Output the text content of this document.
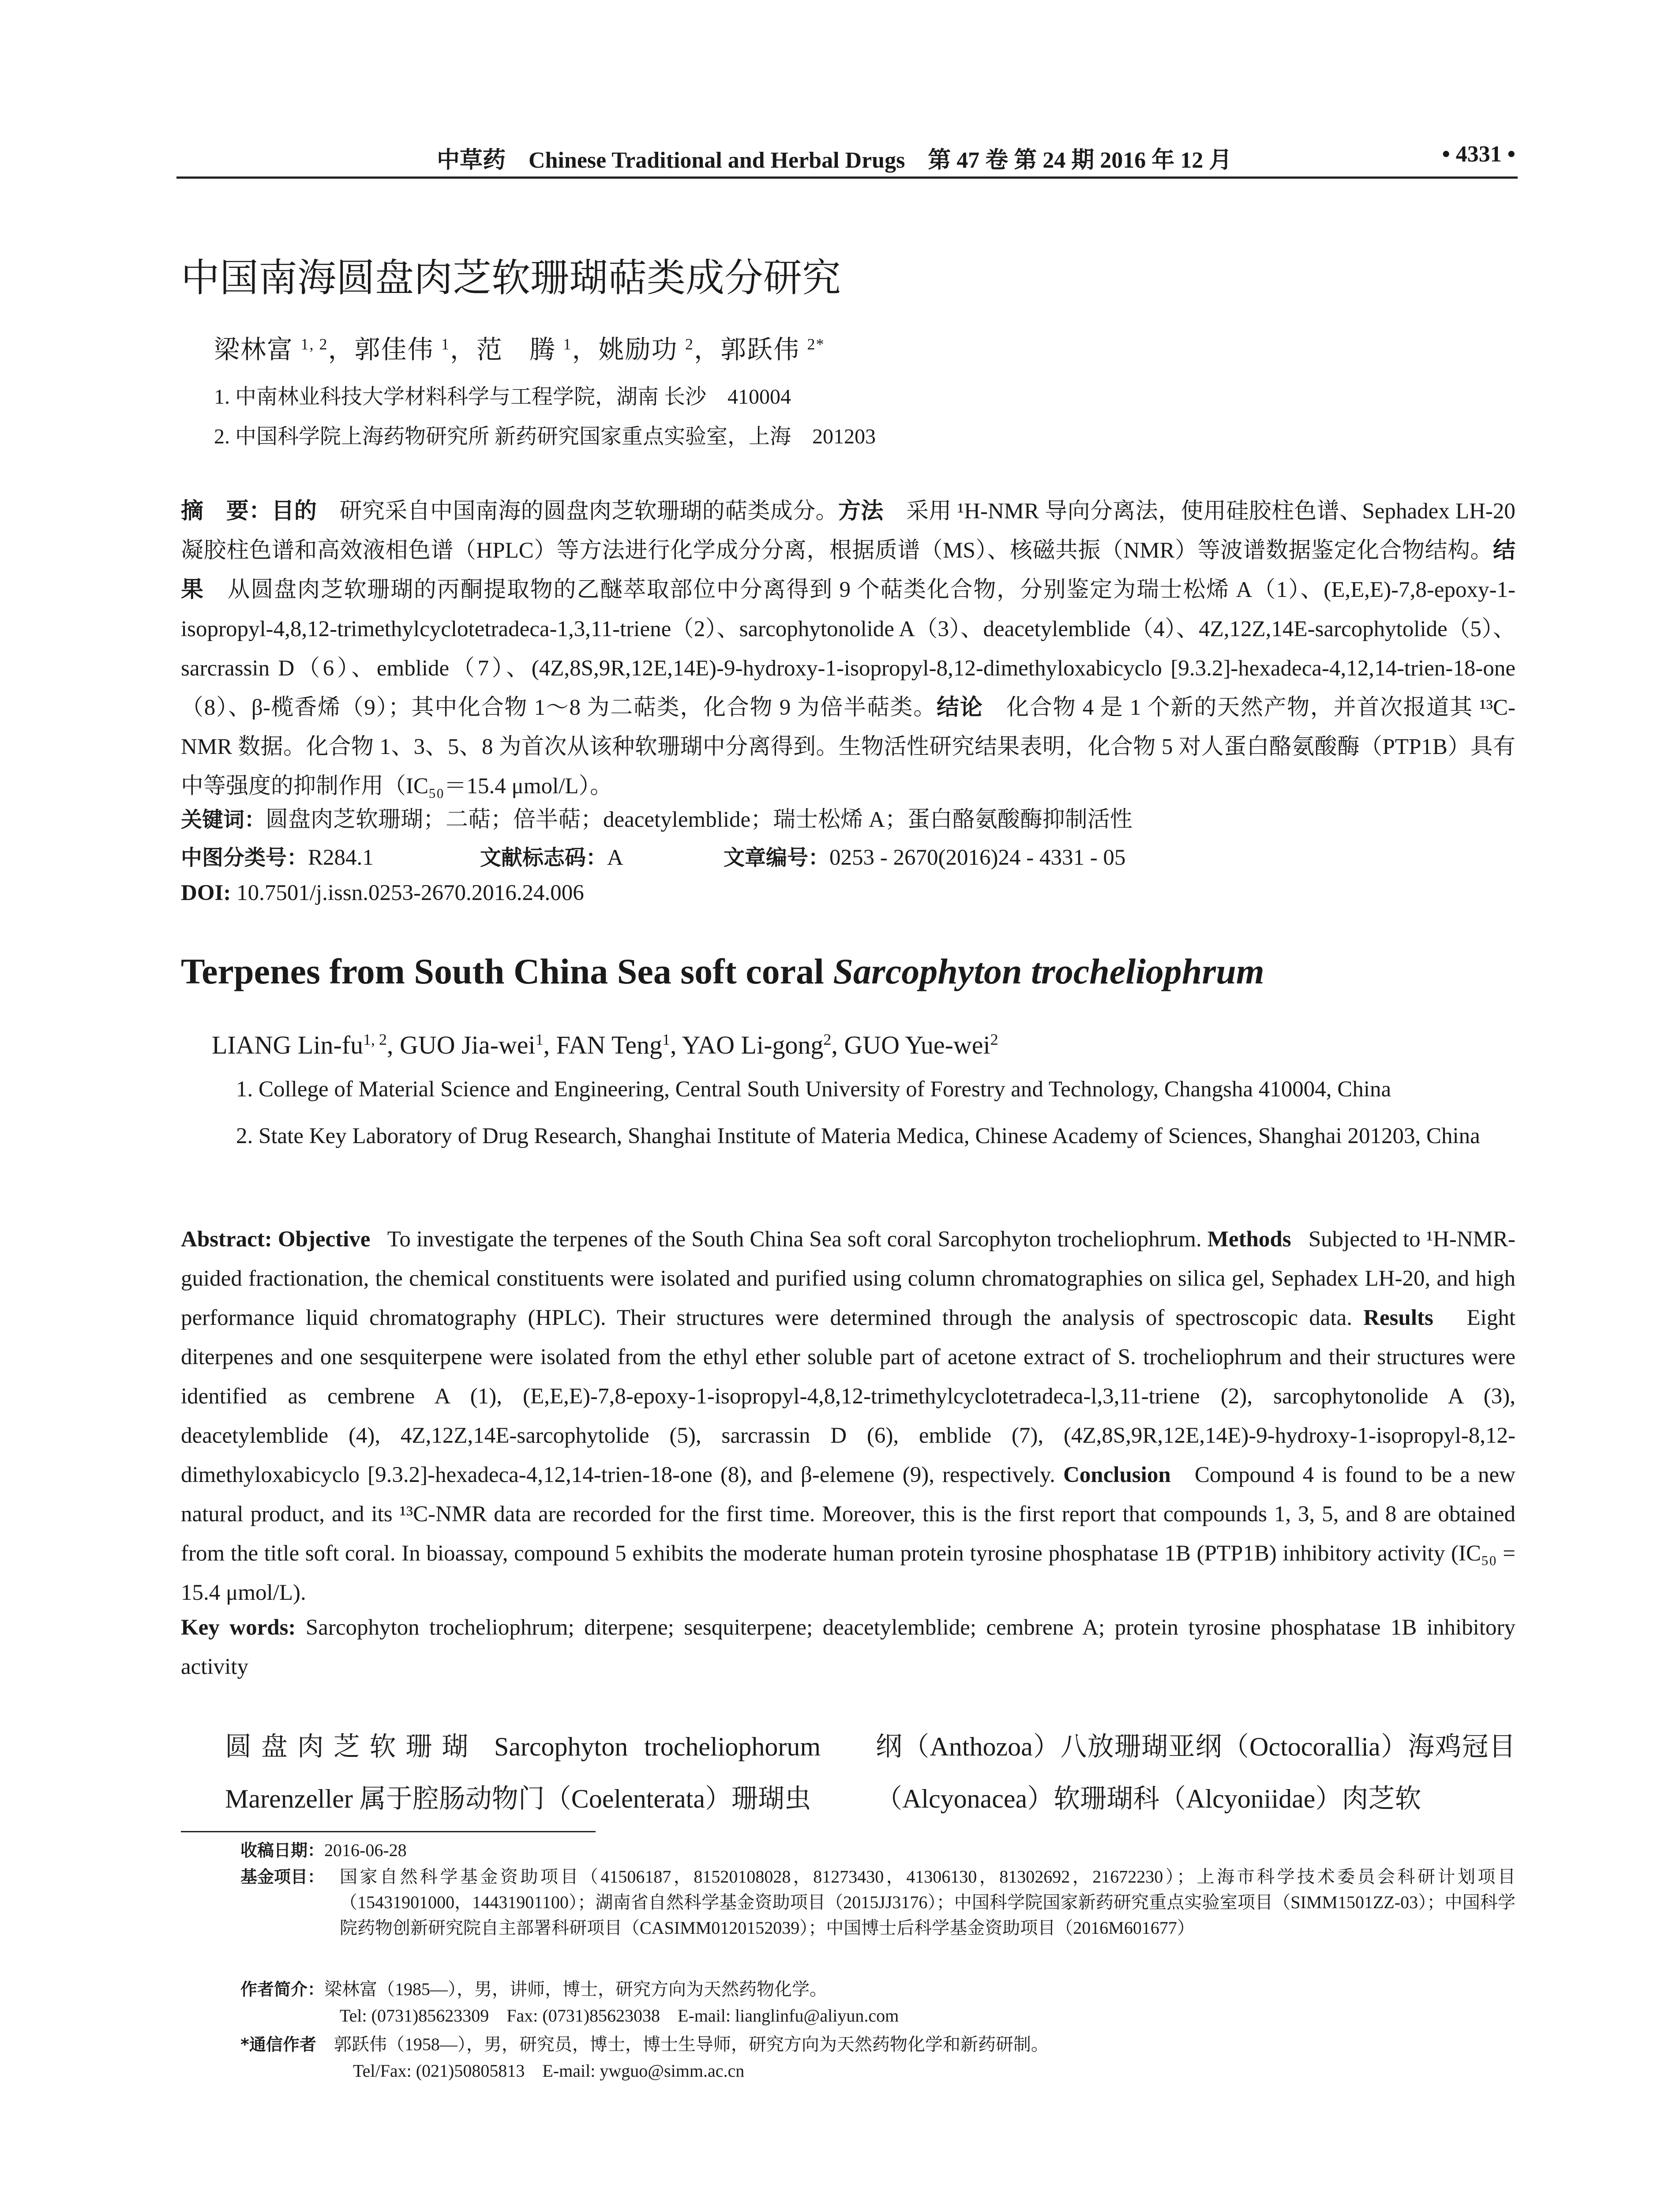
中草药　Chinese Traditional and Herbal Drugs　第 47 卷 第 24 期 2016 年 12 月	• 4331 •
中国南海圆盘肉芝软珊瑚萜类成分研究
梁林富 $^{1, 2}$，郭佳伟 $^1$，范　腾 $^1$，姚励功 $^2$，郭跃伟 $^{2*}$
1. 中南林业科技大学材料科学与工程学院，湖南 长沙　410004
2. 中国科学院上海药物研究所 新药研究国家重点实验室，上海　201203
摘　要：目的　 研究采自中国南海的圆盘肉芝软珊瑚的萜类成分。方法　 采用 ¹H-NMR 导向分离法，使用硅胶柱色谱、Sephadex LH-20 凝胶柱色谱和高效液相色谱（HPLC）等方法进行化学成分分离，根据质谱（MS）、核磁共振（NMR）等波谱数据鉴定化合物结构。结果　 从圆盘肉芝软珊瑚的丙酮提取物的乙醚萃取部位中分离得到 9 个萜类化合物，分别鉴定为瑞士松烯 A（1）、(E,E,E)-7,8-epoxy-1-isopropyl-4,8,12-trimethylcyclotetradeca-1,3,11-triene（2）、sarcophytonolide A（3）、deacetylemblide（4）、4Z,12Z,14E-sarcophytolide（5）、sarcrassin D（6）、emblide（7）、(4Z,8S,9R,12E,14E)-9-hydroxy-1-isopropyl-8,12-dimethyloxabicyclo [9.3.2]-hexadeca-4,12,14-trien-18-one（8）、β-榄香烯（9）；其中化合物 1～8 为二萜类，化合物 9 为倍半萜类。结论　 化合物 4 是 1 个新的天然产物，并首次报道其 ¹³C-NMR 数据。化合物 1、3、5、8 为首次从该种软珊瑚中分离得到。生物活性研究结果表明，化合物 5 对人蛋白酪氨酸酶（PTP1B）具有中等强度的抑制作用（IC₅₀＝15.4 μmol/L）。
关键词：圆盘肉芝软珊瑚；二萜；倍半萜；deacetylemblide；瑞士松烯 A；蛋白酪氨酸酶抑制活性
中图分类号：R284.1	文献标志码：A	文章编号：0253 - 2670(2016)24 - 4331 - 05
DOI: 10.7501/j.issn.0253-2670.2016.24.006
Terpenes from South China Sea soft coral Sarcophyton trocheliophrum
LIANG Lin-fu$^{1, 2}$, GUO Jia-wei$^1$, FAN Teng$^1$, YAO Li-gong$^2$, GUO Yue-wei$^2$
1. College of Material Science and Engineering, Central South University of Forestry and Technology, Changsha 410004, China
2. State Key Laboratory of Drug Research, Shanghai Institute of Materia Medica, Chinese Academy of Sciences, Shanghai 201203, China
Abstract: Objective To investigate the terpenes of the South China Sea soft coral Sarcophyton trocheliophrum. Methods Subjected to ¹H-NMR-guided fractionation, the chemical constituents were isolated and purified using column chromatographies on silica gel, Sephadex LH-20, and high performance liquid chromatography (HPLC). Their structures were determined through the analysis of spectroscopic data. Results Eight diterpenes and one sesquiterpene were isolated from the ethyl ether soluble part of acetone extract of S. trocheliophrum and their structures were identified as cembrene A (1), (E,E,E)-7,8-epoxy-1-isopropyl-4,8,12-trimethylcyclotetradeca-l,3,11-triene (2), sarcophytonolide A (3), deacetylemblide (4), 4Z,12Z,14E-sarcophytolide (5), sarcrassin D (6), emblide (7), (4Z,8S,9R,12E,14E)-9-hydroxy-1-isopropyl-8,12-dimethyloxabicyclo [9.3.2]-hexadeca-4,12,14-trien-18-one (8), and β-elemene (9), respectively. Conclusion Compound 4 is found to be a new natural product, and its ¹³C-NMR data are recorded for the first time. Moreover, this is the first report that compounds 1, 3, 5, and 8 are obtained from the title soft coral. In bioassay, compound 5 exhibits the moderate human protein tyrosine phosphatase 1B (PTP1B) inhibitory activity (IC₅₀ = 15.4 μmol/L).
Key words: Sarcophyton trocheliophrum; diterpene; sesquiterpene; deacetylemblide; cembrene A; protein tyrosine phosphatase 1B inhibitory activity
圆盘肉芝软珊瑚 Sarcophyton trocheliophorum Marenzeller 属于腔肠动物门（Coelenterata）珊瑚虫
纲（Anthozoa）八放珊瑚亚纲（Octocorallia）海鸡冠目（Alcyonacea）软珊瑚科（Alcyoniidae）肉芝软
收稿日期：2016-06-28
基金项目： 国家自然科学基金资助项目（41506187，81520108028，81273430，41306130，81302692，21672230）；上海市科学技术委员会科研计划项目（15431901000，14431901100）；湖南省自然科学基金资助项目（2015JJ3176）；中国科学院国家新药研究重点实验室项目（SIMM1501ZZ-03）；中国科学院药物创新研究院自主部署科研项目（CASIMM0120152039）；中国博士后科学基金资助项目（2016M601677）
作者简介：梁林富（1985—），男，讲师，博士，研究方向为天然药物化学。
Tel: (0731)85623309　Fax: (0731)85623038　E-mail: lianglinfu@aliyun.com
*通信作者　 郭跃伟（1958—），男，研究员，博士，博士生导师，研究方向为天然药物化学和新药研制。
Tel/Fax: (021)50805813　E-mail: ywguo@simm.ac.cn
